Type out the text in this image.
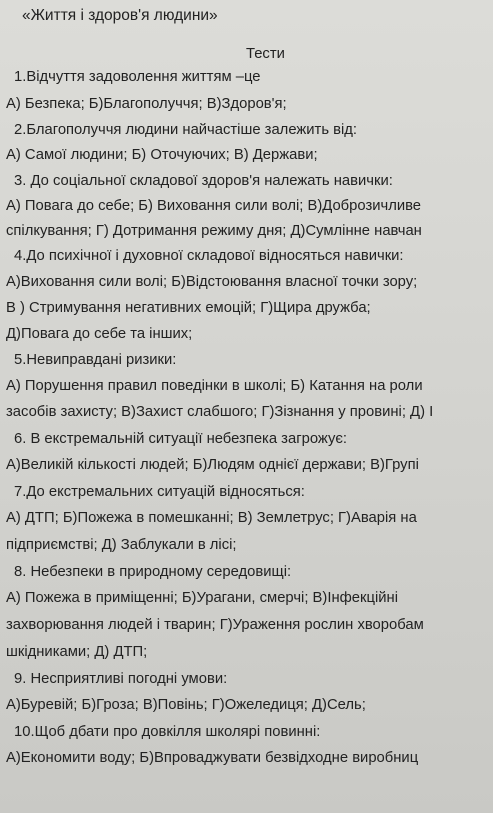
«Життя і здоров'я людини»
Тести
1.Відчуття задоволення життям –це
А) Безпека; Б)Благополуччя; В)Здоров'я;
2.Благополуччя людини найчастіше залежить від:
А) Самої людини; Б) Оточуючих; В) Держави;
3. До соціальної складової здоров'я належать навички:
А) Повага до себе; Б) Виховання сили волі; В)Доброзичливе
спілкування; Г) Дотримання режиму дня; Д)Сумлінне навчан
4.До психічної і духовної складової відносяться навички:
А)Виховання сили волі; Б)Відстоювання власної точки зору;
В ) Стримування негативних емоцій; Г)Щира дружба;
Д)Повага до себе та інших;
5.Невиправдані ризики:
А) Порушення правил поведінки в школі; Б) Катання на роли
засобів захисту; В)Захист слабшого; Г)Зізнання у провині; Д) I
6. В екстремальній ситуації небезпека загрожує:
А)Великій кількості людей; Б)Людям однієї держави; В)Групі
7.До екстремальних ситуацій відносяться:
А) ДТП; Б)Пожежа в помешканні; В) Землетрус; Г)Аварія на
підприємстві; Д) Заблукали в лісі;
8. Небезпеки в природному середовищі:
А) Пожежа в приміщенні; Б)Урагани, смерчі; В)Інфекційні
захворювання людей і тварин; Г)Ураження рослин хворобам
шкідниками; Д) ДТП;
9. Несприятливі погодні умови:
А)Буревій; Б)Гроза; В)Повінь; Г)Ожеледиця; Д)Сель;
10.Щоб дбати про довкілля школярі повинні:
А)Економити воду; Б)Впроваджувати безвідходне виробниц
